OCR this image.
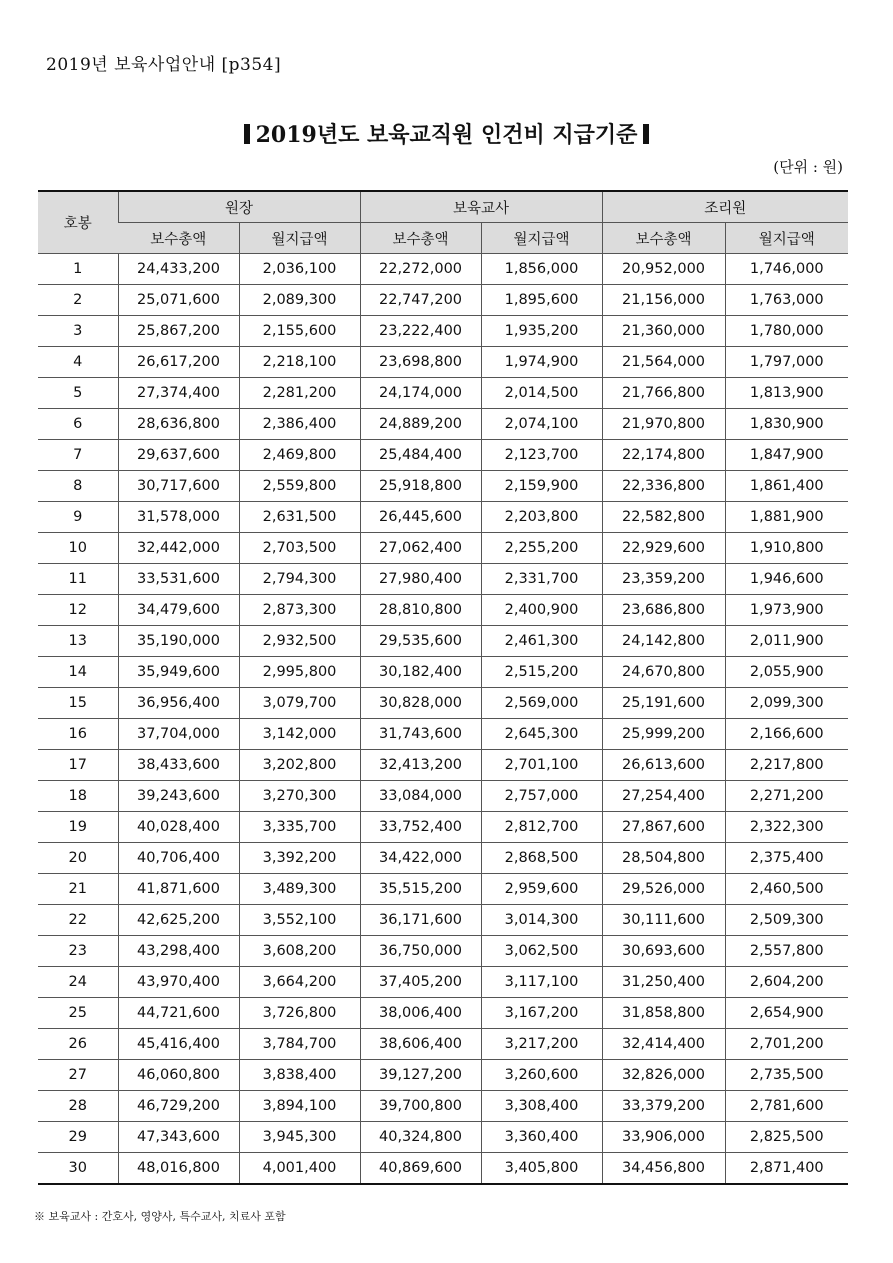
2019년 보육사업안내 [p354]
2019년도 보육교직원 인건비 지급기준
(단위 : 원)
호봉	원장		보육교사		조리원	
	보수총액	월지급액	보수총액	월지급액	보수총액	월지급액
1	24,433,200	2,036,100	22,272,000	1,856,000	20,952,000	1,746,000
2	25,071,600	2,089,300	22,747,200	1,895,600	21,156,000	1,763,000
3	25,867,200	2,155,600	23,222,400	1,935,200	21,360,000	1,780,000
4	26,617,200	2,218,100	23,698,800	1,974,900	21,564,000	1,797,000
5	27,374,400	2,281,200	24,174,000	2,014,500	21,766,800	1,813,900
6	28,636,800	2,386,400	24,889,200	2,074,100	21,970,800	1,830,900
7	29,637,600	2,469,800	25,484,400	2,123,700	22,174,800	1,847,900
8	30,717,600	2,559,800	25,918,800	2,159,900	22,336,800	1,861,400
9	31,578,000	2,631,500	26,445,600	2,203,800	22,582,800	1,881,900
10	32,442,000	2,703,500	27,062,400	2,255,200	22,929,600	1,910,800
11	33,531,600	2,794,300	27,980,400	2,331,700	23,359,200	1,946,600
12	34,479,600	2,873,300	28,810,800	2,400,900	23,686,800	1,973,900
13	35,190,000	2,932,500	29,535,600	2,461,300	24,142,800	2,011,900
14	35,949,600	2,995,800	30,182,400	2,515,200	24,670,800	2,055,900
15	36,956,400	3,079,700	30,828,000	2,569,000	25,191,600	2,099,300
16	37,704,000	3,142,000	31,743,600	2,645,300	25,999,200	2,166,600
17	38,433,600	3,202,800	32,413,200	2,701,100	26,613,600	2,217,800
18	39,243,600	3,270,300	33,084,000	2,757,000	27,254,400	2,271,200
19	40,028,400	3,335,700	33,752,400	2,812,700	27,867,600	2,322,300
20	40,706,400	3,392,200	34,422,000	2,868,500	28,504,800	2,375,400
21	41,871,600	3,489,300	35,515,200	2,959,600	29,526,000	2,460,500
22	42,625,200	3,552,100	36,171,600	3,014,300	30,111,600	2,509,300
23	43,298,400	3,608,200	36,750,000	3,062,500	30,693,600	2,557,800
24	43,970,400	3,664,200	37,405,200	3,117,100	31,250,400	2,604,200
25	44,721,600	3,726,800	38,006,400	3,167,200	31,858,800	2,654,900
26	45,416,400	3,784,700	38,606,400	3,217,200	32,414,400	2,701,200
27	46,060,800	3,838,400	39,127,200	3,260,600	32,826,000	2,735,500
28	46,729,200	3,894,100	39,700,800	3,308,400	33,379,200	2,781,600
29	47,343,600	3,945,300	40,324,800	3,360,400	33,906,000	2,825,500
30	48,016,800	4,001,400	40,869,600	3,405,800	34,456,800	2,871,400
※ 보육교사 : 간호사, 영양사, 특수교사, 치료사 포함
